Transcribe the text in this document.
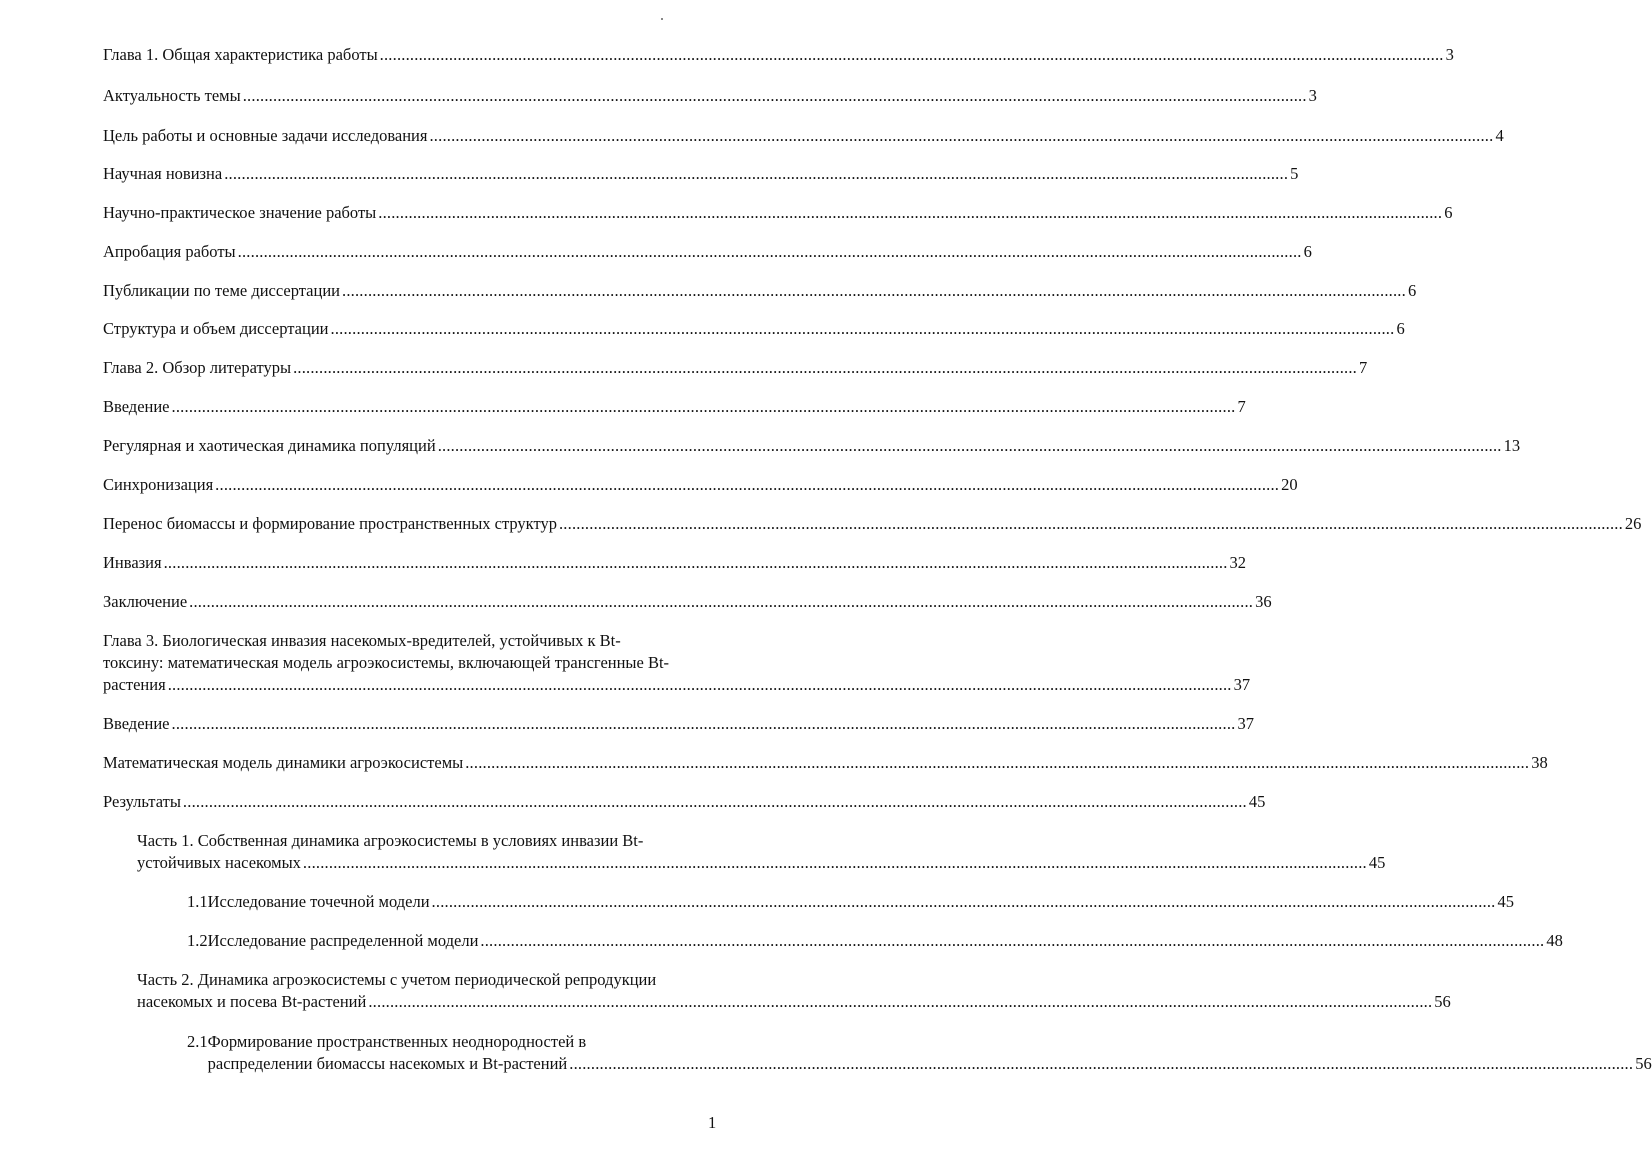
Глава 1. Общая характеристика работы .....	3
Актуальность темы .....	3
Цель работы и основные задачи исследования .....	4
Научная новизна .....	5
Научно-практическое значение работы .....	6
Апробация работы .....	6
Публикации по теме диссертации .....	6
Структура и объем диссертации .....	6
Глава 2. Обзор литературы .....	7
Введение .....	7
Регулярная и хаотическая динамика популяций .....	13
Синхронизация .....	20
Перенос биомассы и формирование пространственных структур .....	26
Инвазия .....	32
Заключение .....	36
Глава 3. Биологическая инвазия насекомых-вредителей, устойчивых к Bt-
токсину: математическая модель агроэкосистемы, включающей трансгенные Bt-
растения .....	37
Введение .....	37
Математическая модель динамики агроэкосистемы .....	38
Результаты .....	45
Часть 1. Собственная динамика агроэкосистемы в условиях инвазии Bt-
устойчивых насекомых .....	45
1.1 Исследование точечной модели .....	45
1.2 Исследование распределенной модели .....	48
Часть 2. Динамика агроэкосистемы с учетом периодической репродукции
насекомых и посева Bt-растений .....	56
2.1 Формирование пространственных неоднородностей в
распределении биомассы насекомых и Bt-растений .....	56
1
